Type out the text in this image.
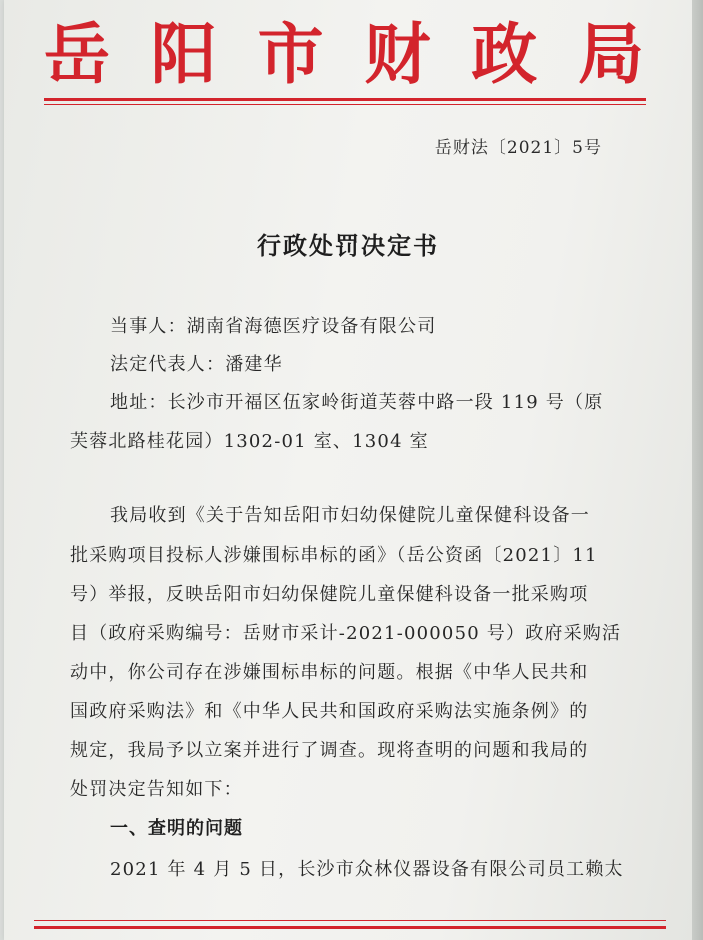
岳 阳 市 财 政 局
岳财法〔2021〕5号
行政处罚决定书
当事人：湖南省海德医疗设备有限公司
法定代表人：潘建华
地址：长沙市开福区伍家岭街道芙蓉中路一段 119 号（原
芙蓉北路桂花园）1302-01 室、1304 室
我局收到《关于告知岳阳市妇幼保健院儿童保健科设备一
批采购项目投标人涉嫌围标串标的函》（岳公资函〔2021〕11
号）举报，反映岳阳市妇幼保健院儿童保健科设备一批采购项
目（政府采购编号：岳财市采计-2021-000050 号）政府采购活
动中，你公司存在涉嫌围标串标的问题。根据《中华人民共和
国政府采购法》和《中华人民共和国政府采购法实施条例》的
规定，我局予以立案并进行了调查。现将查明的问题和我局的
处罚决定告知如下：
一、查明的问题
2021 年 4 月 5 日，长沙市众林仪器设备有限公司员工赖太
